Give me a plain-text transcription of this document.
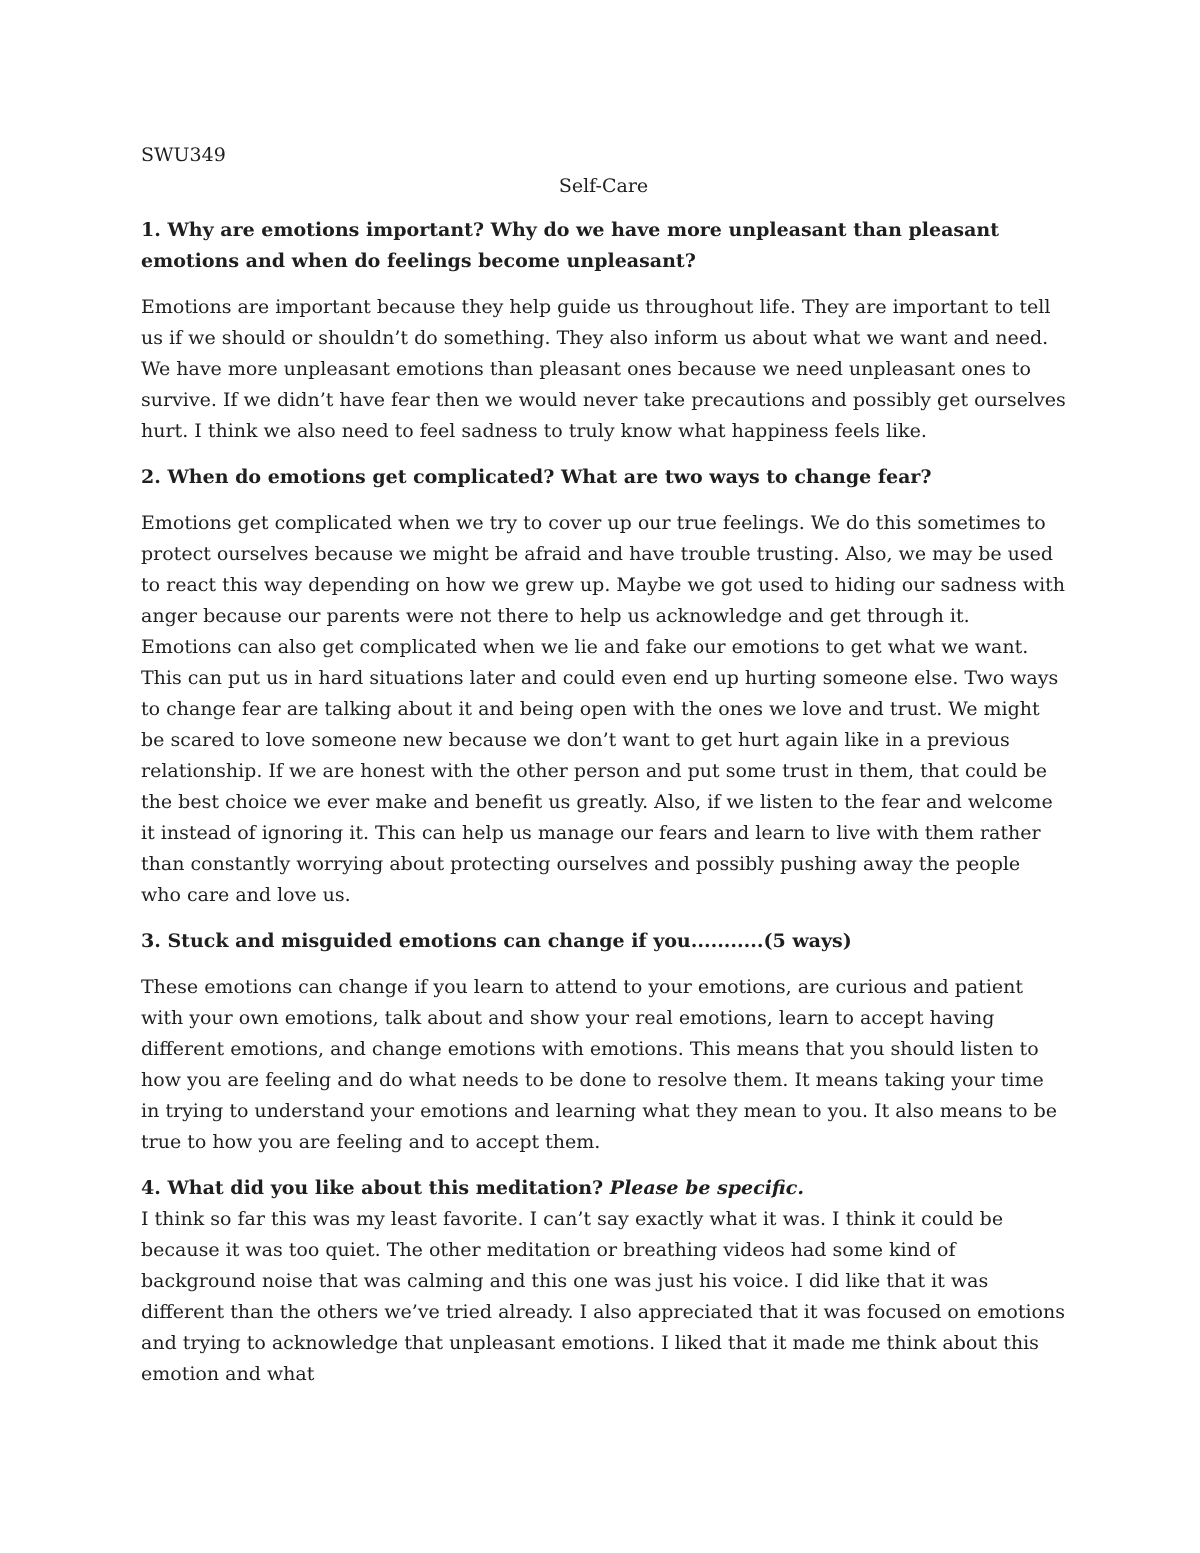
SWU349

Self-Care

1. Why are emotions important? Why do we have more unpleasant than pleasant emotions and when do feelings become unpleasant?

Emotions are important because they help guide us throughout life. They are important to tell us if we should or shouldn’t do something. They also inform us about what we want and need. We have more unpleasant emotions than pleasant ones because we need unpleasant ones to survive. If we didn’t have fear then we would never take precautions and possibly get ourselves hurt. I think we also need to feel sadness to truly know what happiness feels like.

2. When do emotions get complicated? What are two ways to change fear?

Emotions get complicated when we try to cover up our true feelings. We do this sometimes to protect ourselves because we might be afraid and have trouble trusting. Also, we may be used to react this way depending on how we grew up. Maybe we got used to hiding our sadness with anger because our parents were not there to help us acknowledge and get through it. Emotions can also get complicated when we lie and fake our emotions to get what we want. This can put us in hard situations later and could even end up hurting someone else. Two ways to change fear are talking about it and being open with the ones we love and trust. We might be scared to love someone new because we don’t want to get hurt again like in a previous relationship. If we are honest with the other person and put some trust in them, that could be the best choice we ever make and benefit us greatly. Also, if we listen to the fear and welcome it instead of ignoring it. This can help us manage our fears and learn to live with them rather than constantly worrying about protecting ourselves and possibly pushing away the people who care and love us.

3. Stuck and misguided emotions can change if you...........(5 ways)

These emotions can change if you learn to attend to your emotions, are curious and patient with your own emotions, talk about and show your real emotions, learn to accept having different emotions, and change emotions with emotions. This means that you should listen to how you are feeling and do what needs to be done to resolve them. It means taking your time in trying to understand your emotions and learning what they mean to you. It also means to be true to how you are feeling and to accept them.

4. What did you like about this meditation? Please be specific.

I think so far this was my least favorite. I can’t say exactly what it was. I think it could be because it was too quiet. The other meditation or breathing videos had some kind of background noise that was calming and this one was just his voice. I did like that it was different than the others we’ve tried already. I also appreciated that it was focused on emotions and trying to acknowledge that unpleasant emotions. I liked that it made me think about this emotion and what
